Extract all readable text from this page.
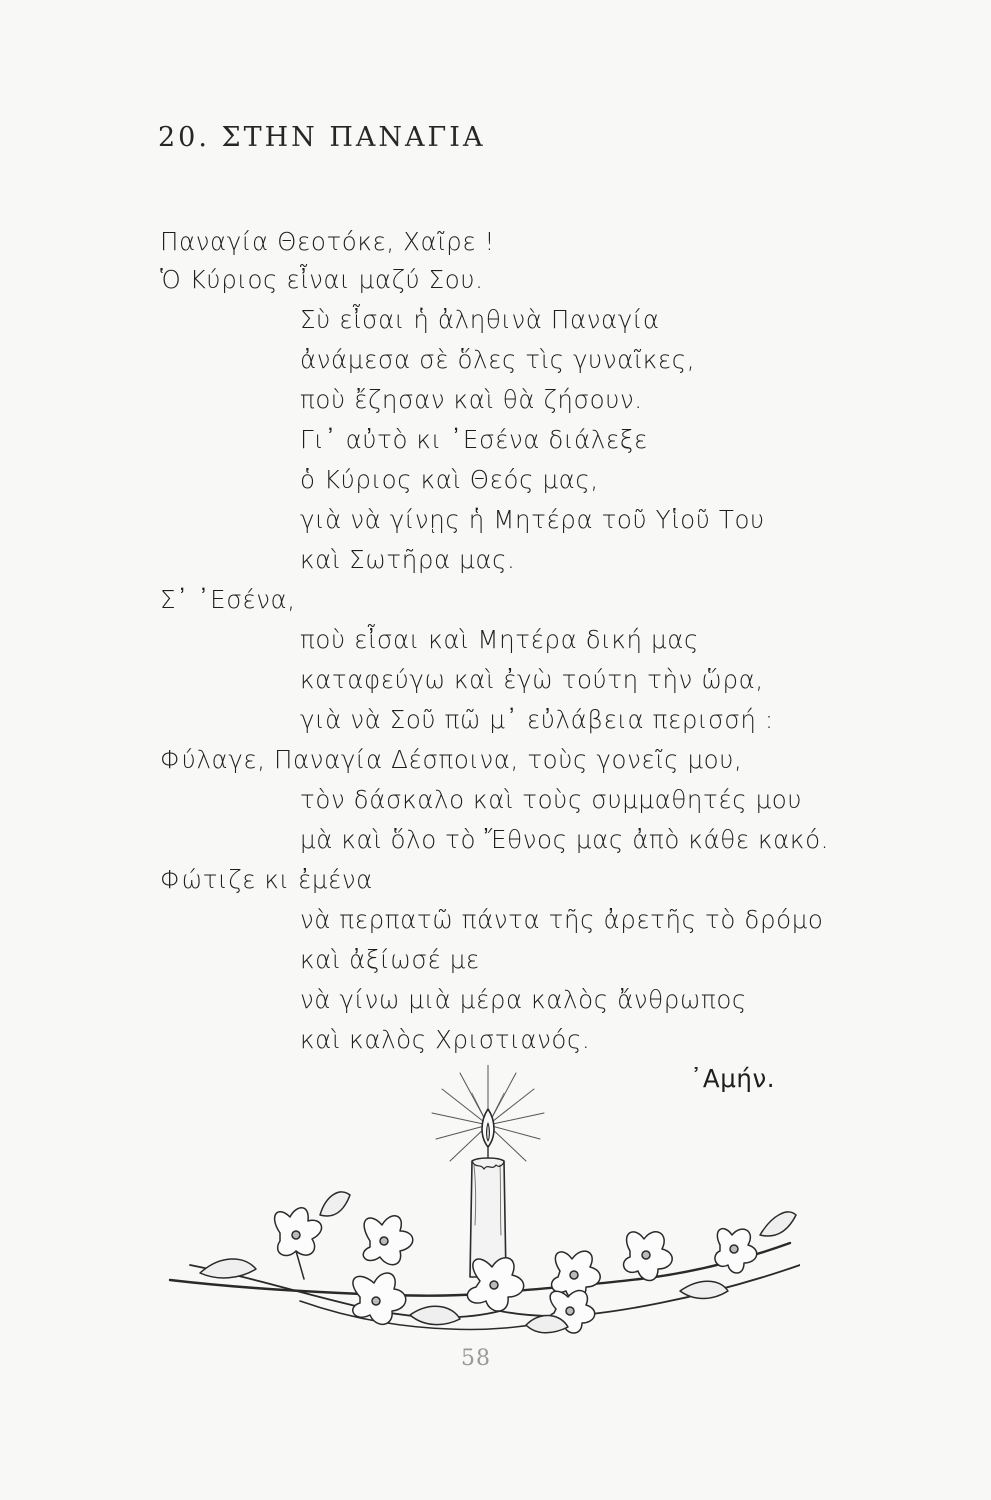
20. ΣΤΗΝ ΠΑΝΑΓΙΑ
Παναγία Θεοτόκε, Χαῖρε !
Ὁ Κύριος εἶναι μαζύ Σου.
Σὺ εἶσαι ἡ ἀληθινὰ Παναγία
ἀνάμεσα σὲ ὅλες τὶς γυναῖκες,
ποὺ ἔζησαν καὶ θὰ ζήσουν.
Γι᾽ αὐτὸ κι ᾽Εσένα διάλεξε
ὁ Κύριος καὶ Θεός μας,
γιὰ νὰ γίνῃς ἡ Μητέρα τοῦ Υἱοῦ Του
καὶ Σωτῆρα μας.
Σ᾽ ᾽Εσένα,
ποὺ εἶσαι καὶ Μητέρα δική μας
καταφεύγω καὶ ἐγὼ τούτη τὴν ὥρα,
γιὰ νὰ Σοῦ πῶ μ᾽ εὐλάβεια περισσή :
Φύλαγε, Παναγία Δέσποινα, τοὺς γονεῖς μου,
τὸν δάσκαλο καὶ τοὺς συμμαθητές μου
μὰ καὶ ὅλο τὸ Ἔθνος μας ἀπὸ κάθε κακό.
Φώτιζε κι ἐμένα
νὰ περπατῶ πάντα τῆς ἀρετῆς τὸ δρόμο
καὶ ἀξίωσέ με
νὰ γίνω μιὰ μέρα καλὸς ἄνθρωπος
καὶ καλὸς Χριστιανός.
᾽Αμήν.
58
